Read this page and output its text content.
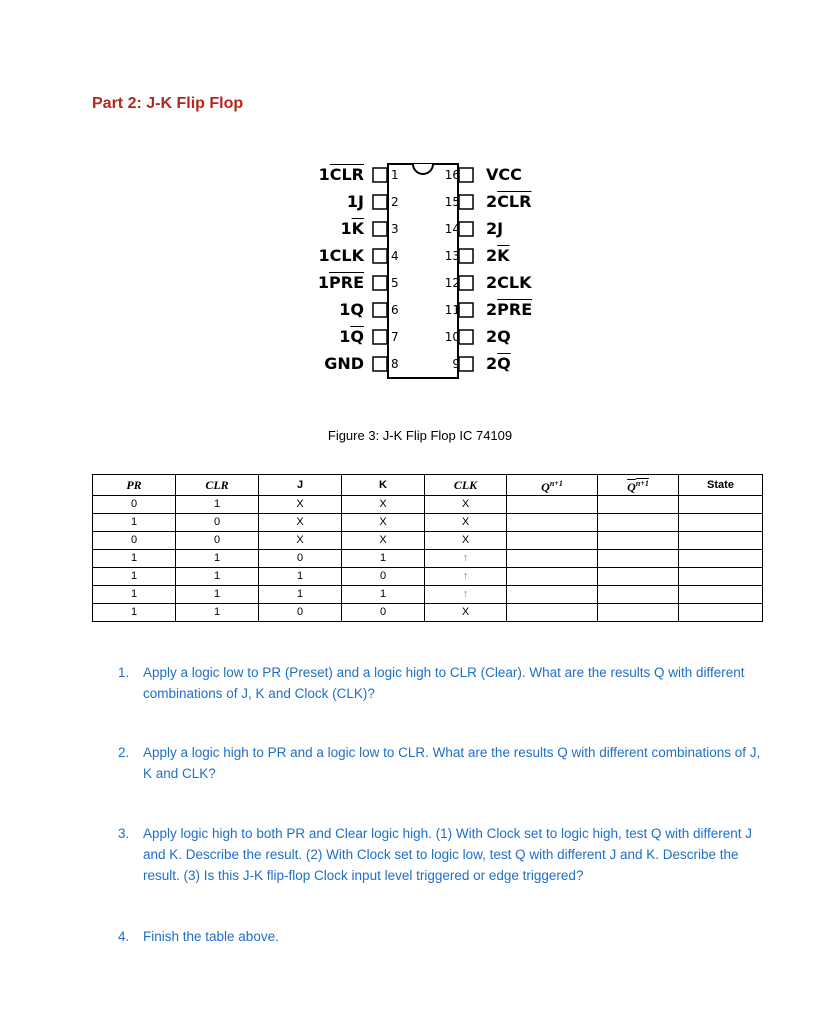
Part 2: J-K Flip Flop
$1\overline{CLR}$ 1
1J 2
$1\overline{K}$ 3
1CLK 4
$1\overline{PRE}$ 5
1Q 6
$1\overline{Q}$ 7
GND 8
VCC
16
$2\overline{CLR}$
15
2J
14
$2\overline{K}$
13
2CLK
12
$2\overline{PRE}$
11
2Q
10
$2\overline{Q}$
9

Figure 3: J-K Flip Flop IC 74109

PR	CLR	J	K	CLK	$Q^{n+1}$	$Q^{n+1}$	State
0	1	X	X	X			
1	0	X	X	X			
0	0	X	X	X			
1	1	0	1	↑			
1	1	1	0	↑			
1	1	1	1	↑			
1	1	0	0	X			
1. Apply a logic low to PR (Preset) and a logic high to CLR (Clear). What are the results Q with different combinations of J, K and Clock (CLK)?
2. Apply a logic high to PR and a logic low to CLR. What are the results Q with different combinations of J, K and CLK?
3. Apply logic high to both PR and Clear logic high. (1) With Clock set to logic high, test Q with different J and K. Describe the result. (2) With Clock set to logic low, test Q with different J and K. Describe the result. (3) Is this J-K flip-flop Clock input level triggered or edge triggered?
4. Finish the table above.
